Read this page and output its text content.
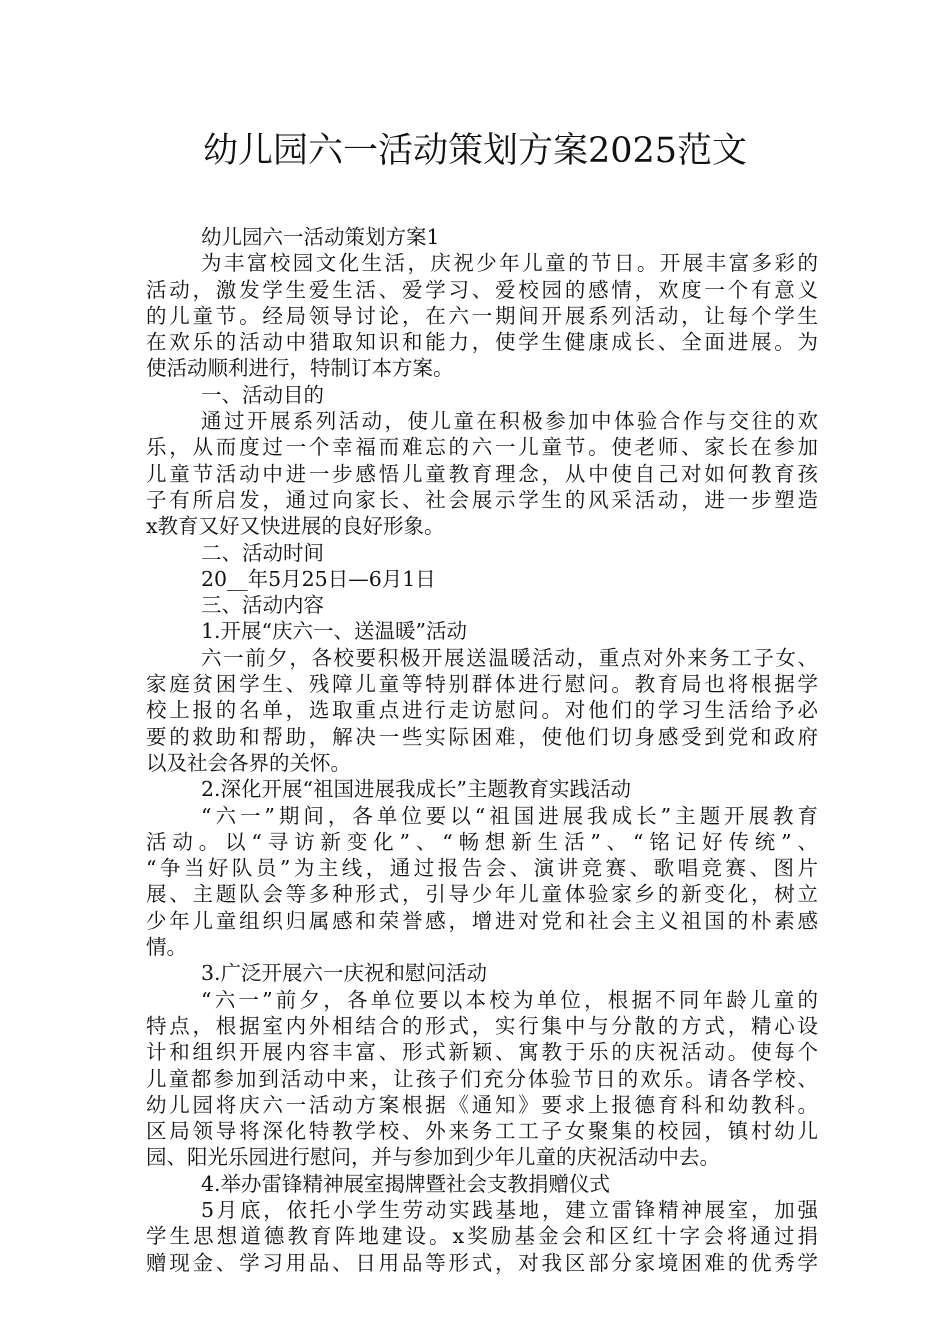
幼儿园六一活动策划方案2025范文
幼儿园六一活动策划方案1
为丰富校园文化生活，庆祝少年儿童的节日。开展丰富多彩的
活动，激发学生爱生活、爱学习、爱校园的感情，欢度一个有意义
的儿童节。经局领导讨论，在六一期间开展系列活动，让每个学生
在欢乐的活动中猎取知识和能力，使学生健康成长、全面进展。为
使活动顺利进行，特制订本方案。
一、活动目的
通过开展系列活动，使儿童在积极参加中体验合作与交往的欢
乐，从而度过一个幸福而难忘的六一儿童节。使老师、家长在参加
儿童节活动中进一步感悟儿童教育理念，从中使自己对如何教育孩
子有所启发，通过向家长、社会展示学生的风采活动，进一步塑造
x教育又好又快进展的良好形象。
二、活动时间
20__年5月25日—6月1日
三、活动内容
1.开展“庆六一、送温暖”活动
六一前夕，各校要积极开展送温暖活动，重点对外来务工子女、
家庭贫困学生、残障儿童等特别群体进行慰问。教育局也将根据学
校上报的名单，选取重点进行走访慰问。对他们的学习生活给予必
要的救助和帮助，解决一些实际困难，使他们切身感受到党和政府
以及社会各界的关怀。
2.深化开展“祖国进展我成长”主题教育实践活动
“六一”期间，各单位要以“祖国进展我成长”主题开展教育
活动。以“寻访新变化”、“畅想新生活”、“铭记好传统”、
“争当好队员”为主线，通过报告会、演讲竞赛、歌唱竞赛、图片
展、主题队会等多种形式，引导少年儿童体验家乡的新变化，树立
少年儿童组织归属感和荣誉感，增进对党和社会主义祖国的朴素感
情。
3.广泛开展六一庆祝和慰问活动
“六一”前夕，各单位要以本校为单位，根据不同年龄儿童的
特点，根据室内外相结合的形式，实行集中与分散的方式，精心设
计和组织开展内容丰富、形式新颖、寓教于乐的庆祝活动。使每个
儿童都参加到活动中来，让孩子们充分体验节日的欢乐。请各学校、
幼儿园将庆六一活动方案根据《通知》要求上报德育科和幼教科。
区局领导将深化特教学校、外来务工工子女聚集的校园，镇村幼儿
园、阳光乐园进行慰问，并与参加到少年儿童的庆祝活动中去。
4.举办雷锋精神展室揭牌暨社会支教捐赠仪式
5月底，依托小学生劳动实践基地，建立雷锋精神展室，加强
学生思想道德教育阵地建设。x奖励基金会和区红十字会将通过捐
赠现金、学习用品、日用品等形式，对我区部分家境困难的优秀学
